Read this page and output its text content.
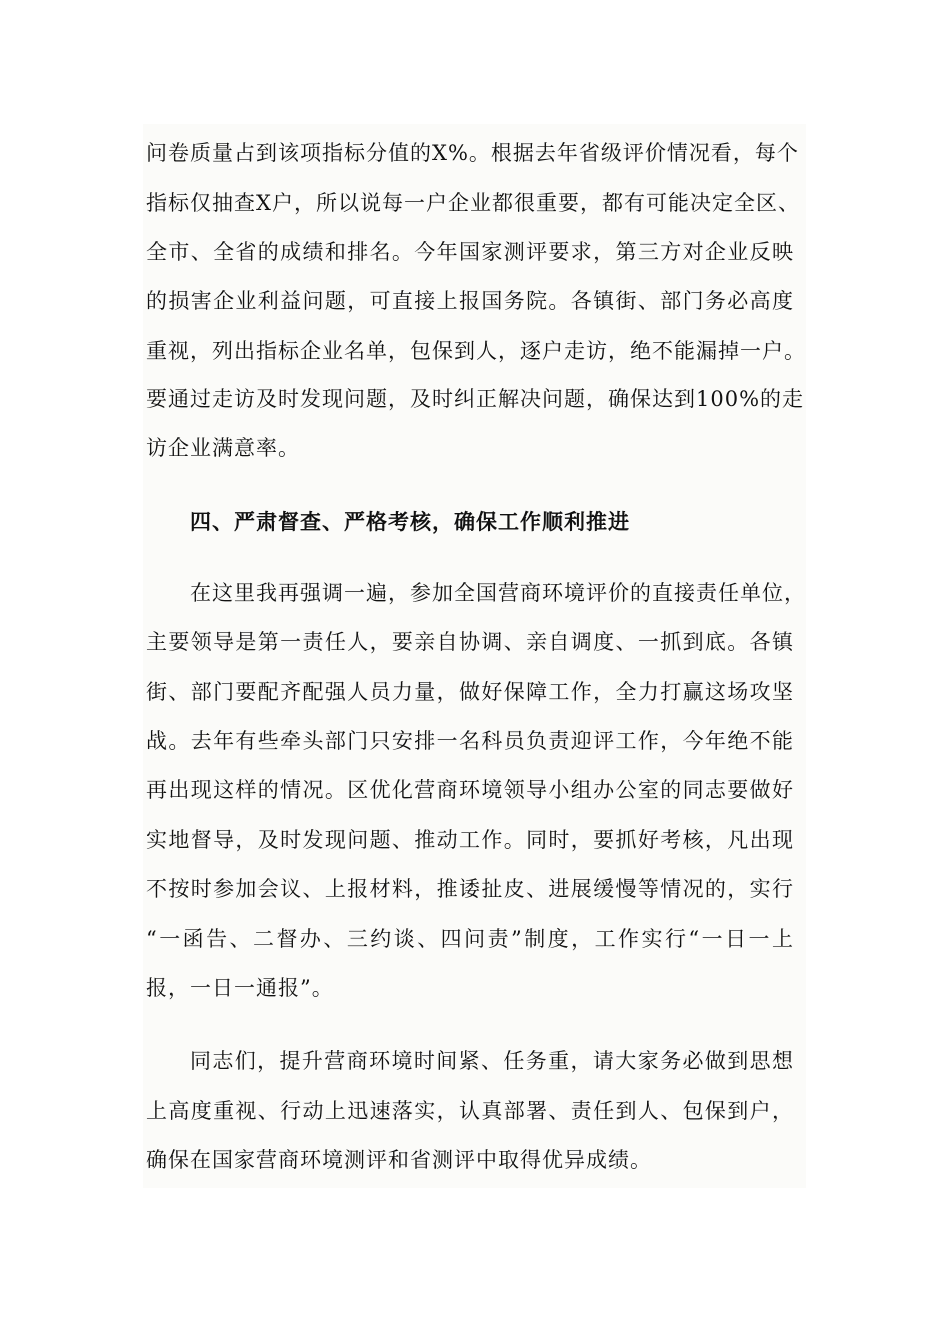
问卷质量占到该项指标分值的X%。根据去年省级评价情况看，每个
指标仅抽查X户，所以说每一户企业都很重要，都有可能决定全区、
全市、全省的成绩和排名。今年国家测评要求，第三方对企业反映
的损害企业利益问题，可直接上报国务院。各镇街、部门务必高度
重视，列出指标企业名单，包保到人，逐户走访，绝不能漏掉一户。
要通过走访及时发现问题，及时纠正解决问题，确保达到100%的走
访企业满意率。
四、严肃督查、严格考核，确保工作顺利推进
在这里我再强调一遍，参加全国营商环境评价的直接责任单位，
主要领导是第一责任人，要亲自协调、亲自调度、一抓到底。各镇
街、部门要配齐配强人员力量，做好保障工作，全力打赢这场攻坚
战。去年有些牵头部门只安排一名科员负责迎评工作，今年绝不能
再出现这样的情况。区优化营商环境领导小组办公室的同志要做好
实地督导，及时发现问题、推动工作。同时，要抓好考核，凡出现
不按时参加会议、上报材料，推诿扯皮、进展缓慢等情况的，实行
“一函告、二督办、三约谈、四问责”制度，工作实行“一日一上
报，一日一通报”。
同志们，提升营商环境时间紧、任务重，请大家务必做到思想
上高度重视、行动上迅速落实，认真部署、责任到人、包保到户，
确保在国家营商环境测评和省测评中取得优异成绩。
